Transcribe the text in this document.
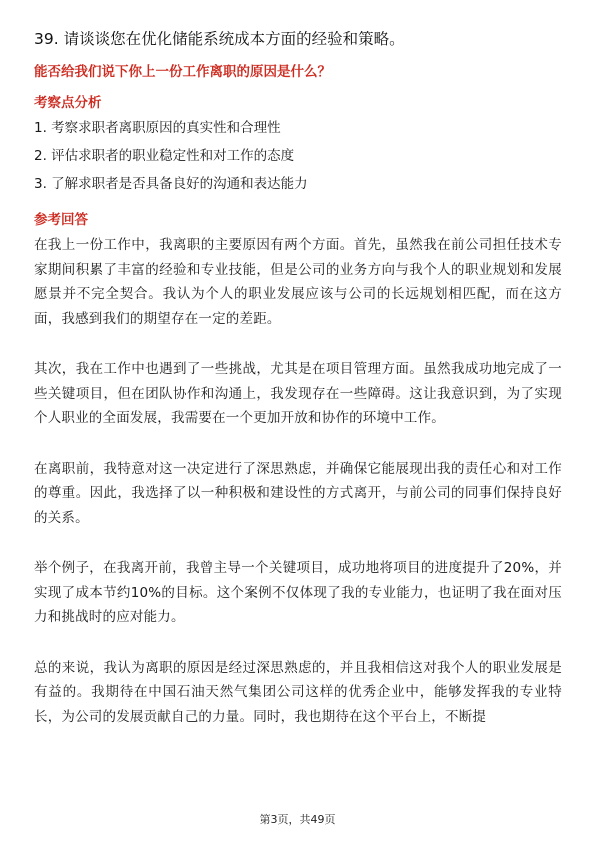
39. 请谈谈您在优化储能系统成本方面的经验和策略。
能否给我们说下你上一份工作离职的原因是什么？
考察点分析
1. 考察求职者离职原因的真实性和合理性
2. 评估求职者的职业稳定性和对工作的态度
3. 了解求职者是否具备良好的沟通和表达能力
参考回答

在我上一份工作中，我离职的主要原因有两个方面。首先，虽然我在前公司担任技术专家期间积累了丰富的经验和专业技能，但是公司的业务方向与我个人的职业规划和发展愿景并不完全契合。我认为个人的职业发展应该与公司的长远规划相匹配，而在这方面，我感到我们的期望存在一定的差距。

其次，我在工作中也遇到了一些挑战，尤其是在项目管理方面。虽然我成功地完成了一些关键项目，但在团队协作和沟通上，我发现存在一些障碍。这让我意识到，为了实现个人职业的全面发展，我需要在一个更加开放和协作的环境中工作。

在离职前，我特意对这一决定进行了深思熟虑，并确保它能展现出我的责任心和对工作的尊重。因此，我选择了以一种积极和建设性的方式离开，与前公司的同事们保持良好的关系。

举个例子，在我离开前，我曾主导一个关键项目，成功地将项目的进度提升了20%，并实现了成本节约10%的目标。这个案例不仅体现了我的专业能力，也证明了我在面对压力和挑战时的应对能力。

总的来说，我认为离职的原因是经过深思熟虑的，并且我相信这对我个人的职业发展是有益的。我期待在中国石油天然气集团公司这样的优秀企业中，能够发挥我的专业特长，为公司的发展贡献自己的力量。同时，我也期待在这个平台上，不断提

第3页，共49页
